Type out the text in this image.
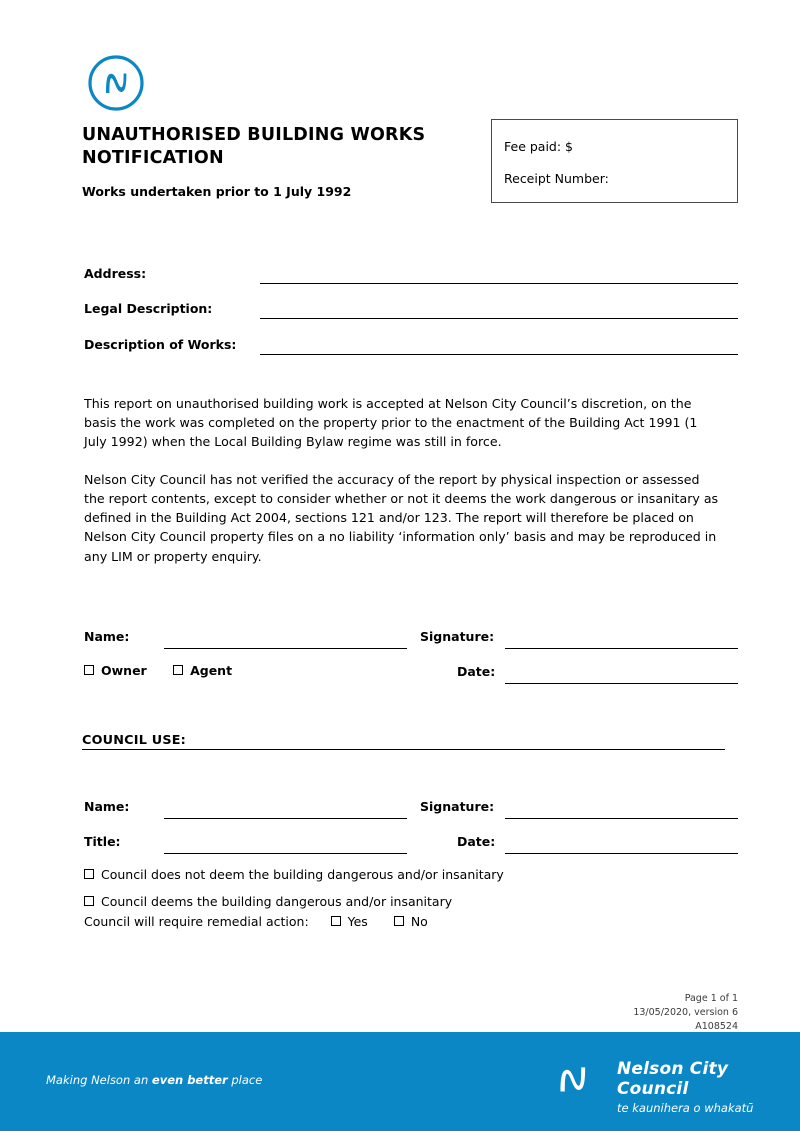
UNAUTHORISED BUILDING WORKS NOTIFICATION
Works undertaken prior to 1 July 1992
Fee paid: $
Receipt Number:
Address:
Legal Description:
Description of Works:
This report on unauthorised building work is accepted at Nelson City Council’s discretion, on the basis the work was completed on the property prior to the enactment of the Building Act 1991 (1 July 1992) when the Local Building Bylaw regime was still in force.
Nelson City Council has not verified the accuracy of the report by physical inspection or assessed the report contents, except to consider whether or not it deems the work dangerous or insanitary as defined in the Building Act 2004, sections 121 and/or 123. The report will therefore be placed on Nelson City Council property files on a no liability ‘information only’ basis and may be reproduced in any LIM or property enquiry.
Name:	Signature:
Owner	Agent	Date:
COUNCIL USE:
Name:	Signature:
Title:	Date:
Council does not deem the building dangerous and/or insanitary
Council deems the building dangerous and/or insanitary
Council will require remedial action:	Yes	No
Page 1 of 1
13/05/2020, version 6
A108524
Making Nelson an even better place
Nelson City Council
te kaunihera o whakatū
